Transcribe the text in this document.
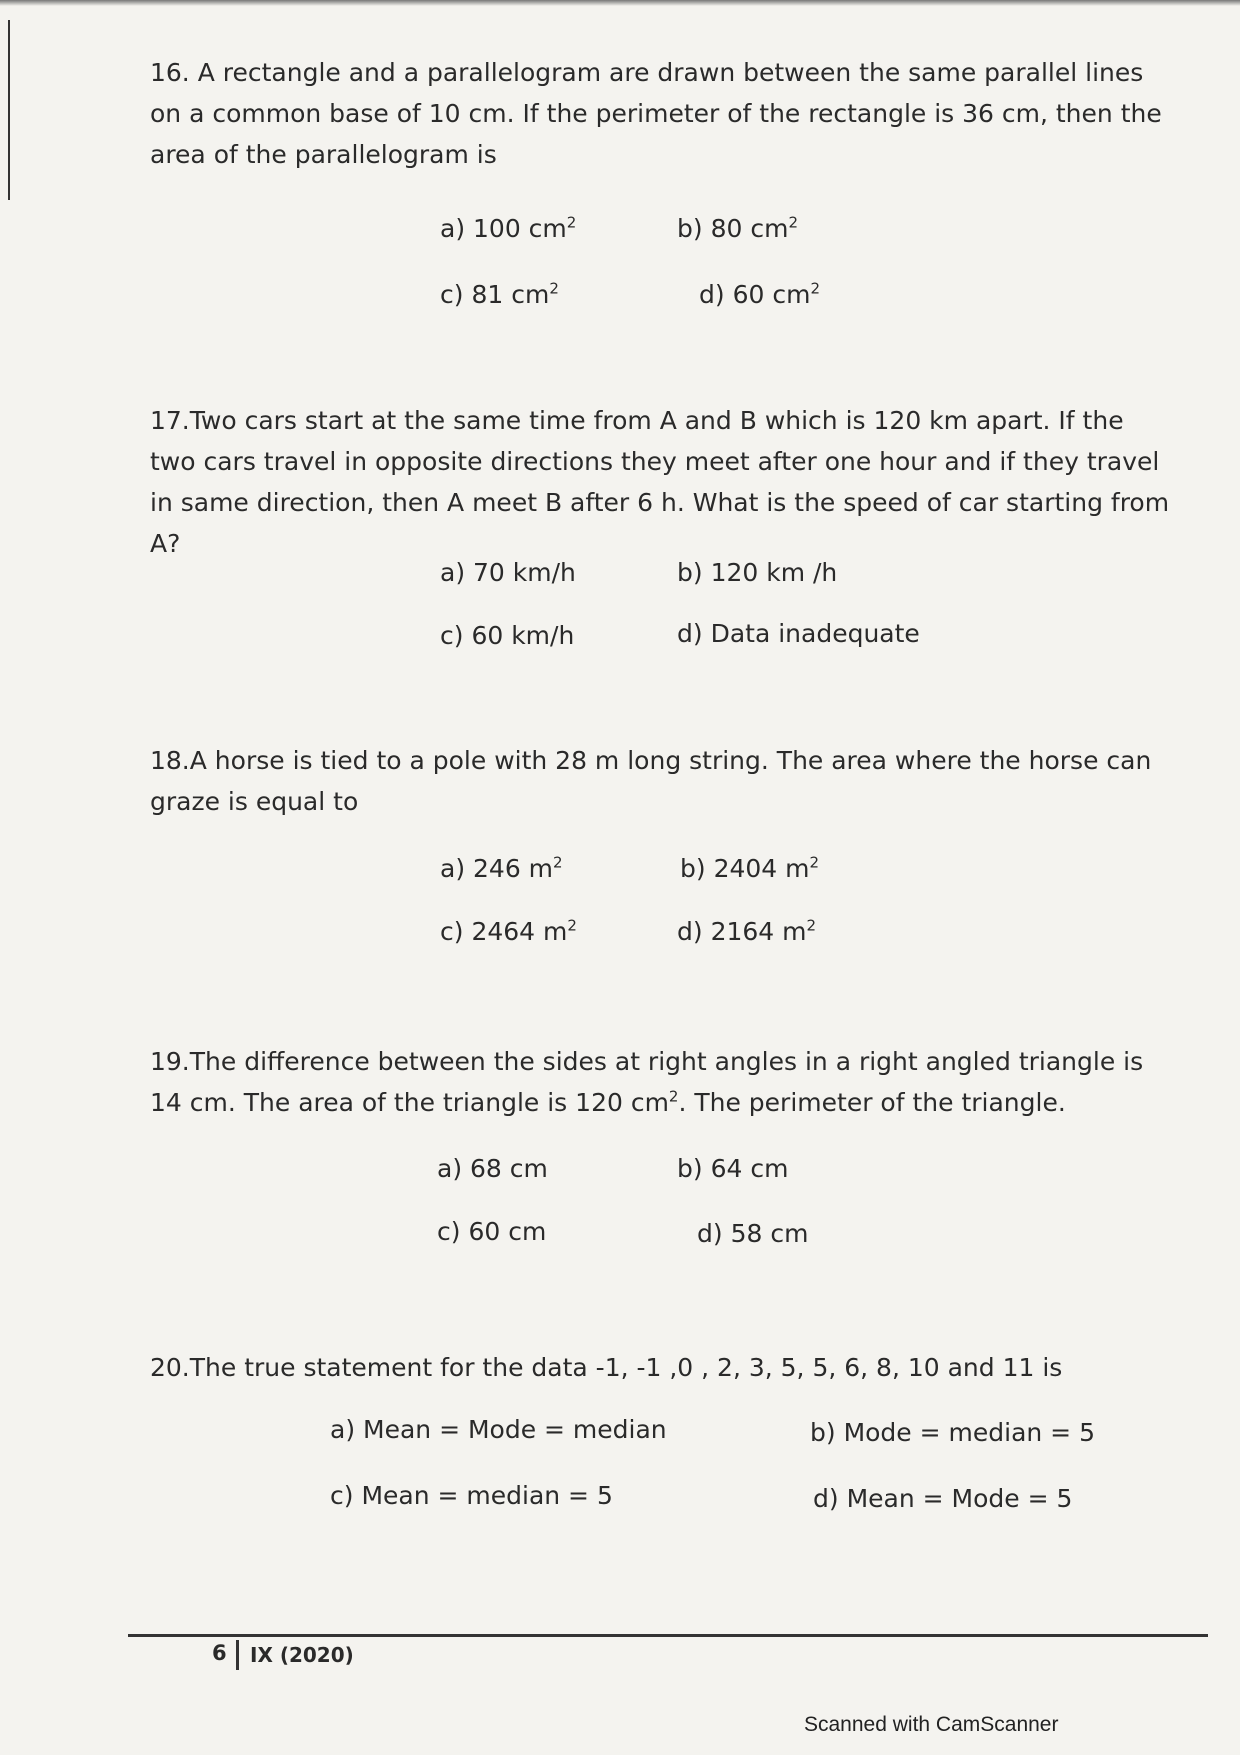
16. A rectangle and a parallelogram are drawn between the same parallel lines on a common base of 10 cm. If the perimeter of the rectangle is 36 cm, then the area of the parallelogram is
a) 100 $cm^2$	b) 80 $cm^2$
c) 81 $cm^2$	d) 60 $cm^2$
17.Two cars start at the same time from A and B which is 120 km apart. If the two cars travel in opposite directions they meet after one hour and if they travel in same direction, then A meet B after 6 h. What is the speed of car starting from A?
a) 70 km/h	b) 120 km /h
c) 60 km/h	d) Data inadequate
18.A horse is tied to a pole with 28 m long string. The area where the horse can graze is equal to
a) 246 $m^2$	b) 2404 $m^2$
c) 2464 $m^2$	d) 2164 $m^2$
19.The difference between the sides at right angles in a right angled triangle is 14 cm. The area of the triangle is 120 $cm^2$. The perimeter of the triangle.
a) 68 cm	b) 64 cm
c) 60 cm	d) 58 cm
20.The true statement for the data -1, -1 ,0 , 2, 3, 5, 5, 6, 8, 10 and 11 is
a) Mean = Mode = median	b) Mode = median = 5
c) Mean = median = 5	d) Mean = Mode = 5
6 IX (2020)
Scanned with CamScanner
